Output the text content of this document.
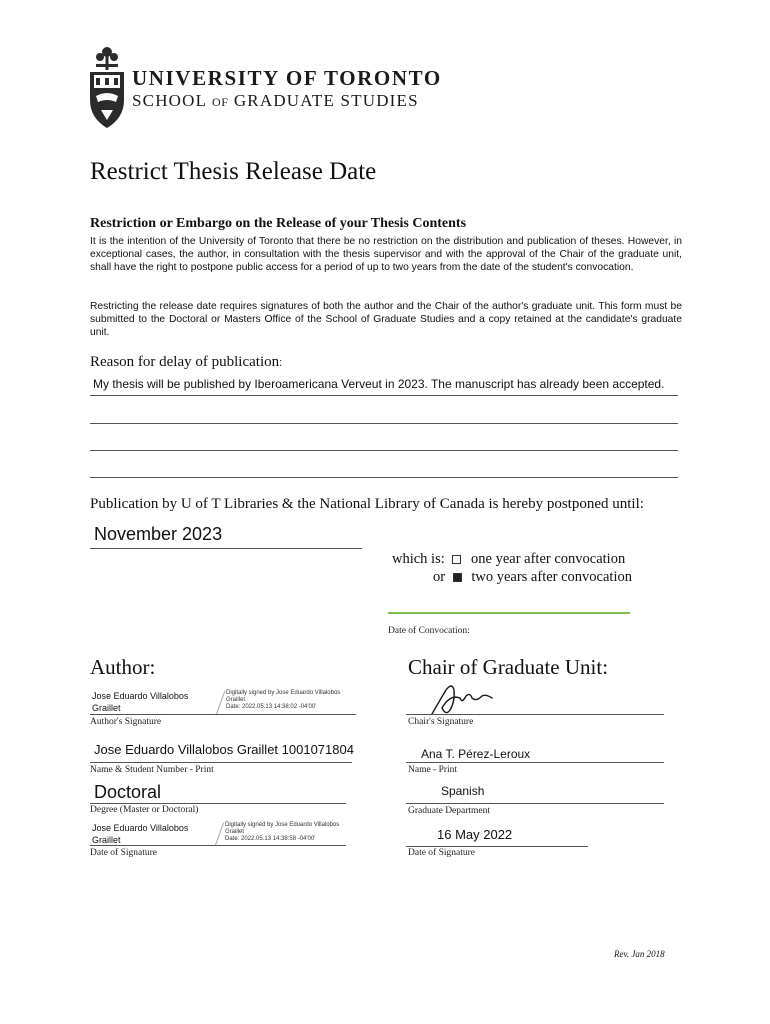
UNIVERSITY OF TORONTO
SCHOOL OF GRADUATE STUDIES
Restrict Thesis Release Date
Restriction or Embargo on the Release of your Thesis Contents
It is the intention of the University of Toronto that there be no restriction on the distribution and publication of theses. However, in exceptional cases, the author, in consultation with the thesis supervisor and with the approval of the Chair of the graduate unit, shall have the right to postpone public access for a period of up to two years from the date of the student's convocation.
Restricting the release date requires signatures of both the author and the Chair of the author's graduate unit. This form must be submitted to the Doctoral or Masters Office of the School of Graduate Studies and a copy retained at the candidate's graduate unit.
Reason for delay of publication:
My thesis will be published by Iberoamericana Verveut in 2023. The manuscript has already been accepted.
Publication by U of T Libraries & the National Library of Canada is hereby postponed until:
November 2023
which is: one year after convocation
or two years after convocation
Date of Convocation:
Author:
Jose Eduardo Villalobos
Graillet
Digitally signed by Jose Eduardo Villalobos
Graillet
Date: 2022.05.13 14:38:02 -04'00'
Author's Signature
Jose Eduardo Villalobos Graillet 1001071804
Name & Student Number - Print
Doctoral
Degree (Master or Doctoral)
Jose Eduardo Villalobos
Graillet
Digitally signed by Jose Eduardo Villalobos
Graillet
Date: 2022.05.13 14:38:58 -04'00'
Date of Signature
Chair of Graduate Unit:
Chair's Signature
Ana T. Pérez-Leroux
Name - Print
Spanish
Graduate Department
16 May 2022
Date of Signature
Rev. Jan 2018
